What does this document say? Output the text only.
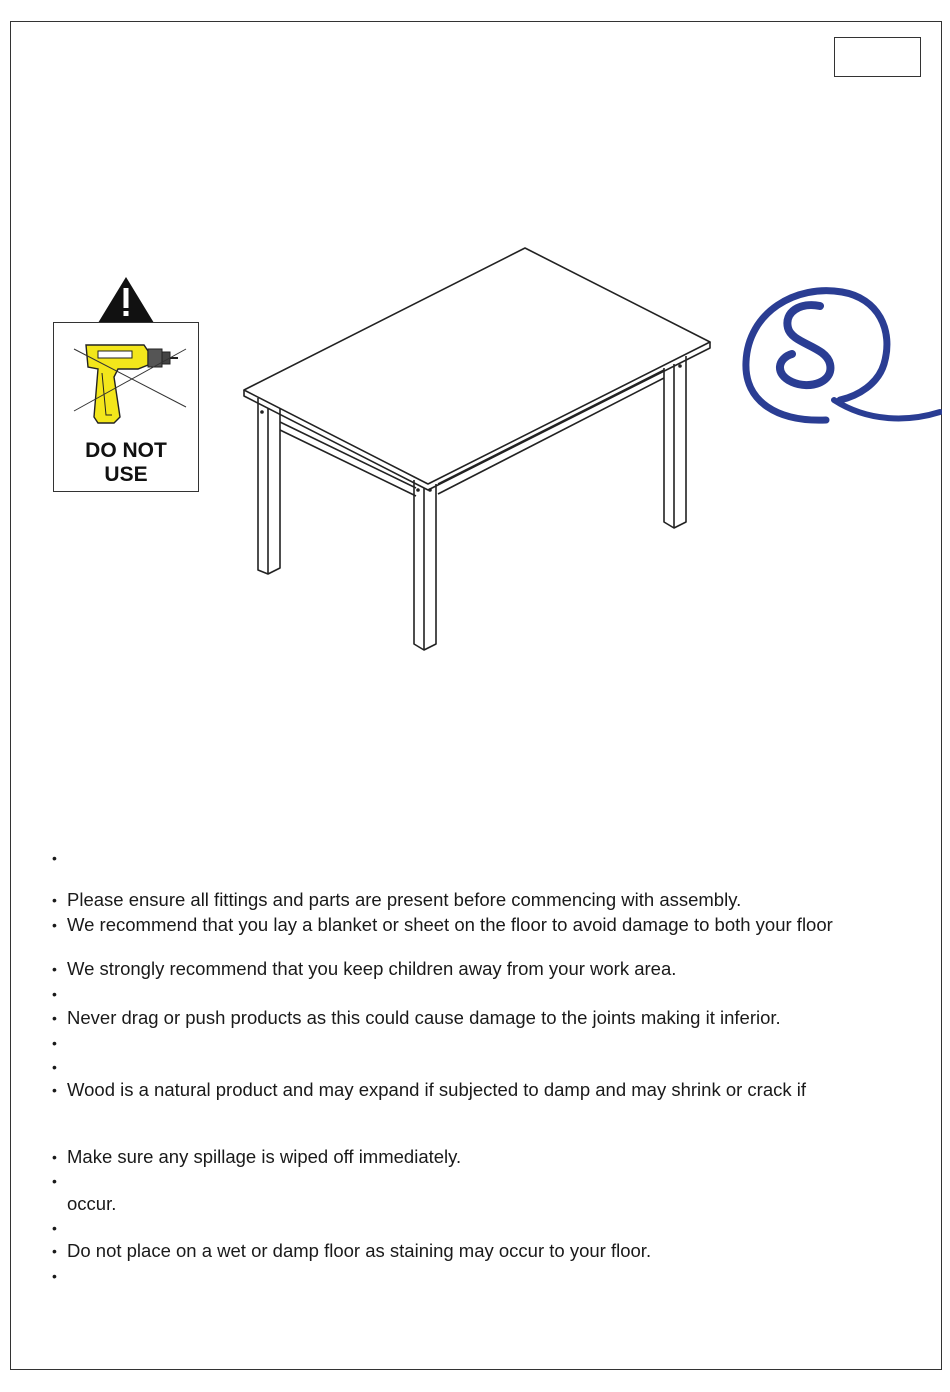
DO NOT
USE
•
• Please ensure all fittings and parts are present before commencing with assembly.
• We recommend that you lay a blanket or sheet on the floor to avoid damage to both your floor
• We strongly recommend that you keep children away from your work area.
•
• Never drag or push products as this could cause damage to the joints making it inferior.
•
•
• Wood is a natural product and may expand if subjected to damp and may shrink or crack if
• Make sure any spillage is wiped off immediately.
•
occur.
•
• Do not place on a wet or damp floor as staining may occur to your floor.
•
